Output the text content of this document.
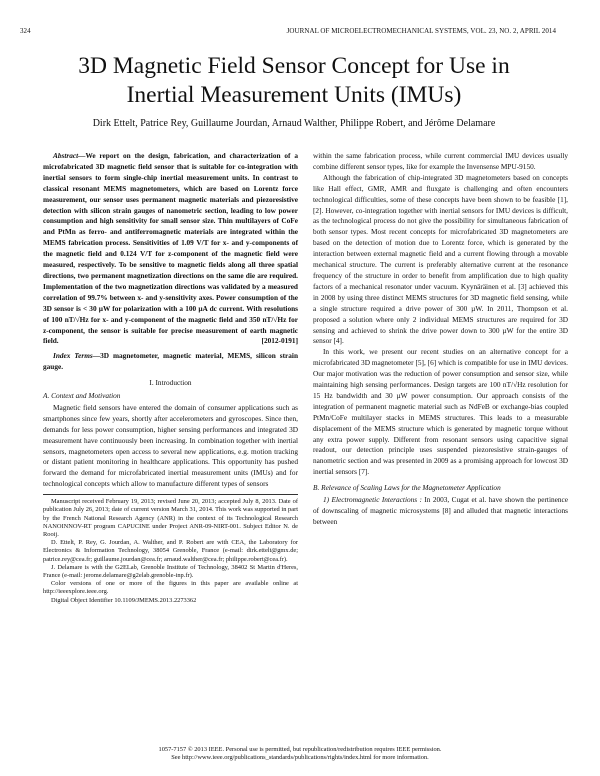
324	JOURNAL OF MICROELECTROMECHANICAL SYSTEMS, VOL. 23, NO. 2, APRIL 2014
3D Magnetic Field Sensor Concept for Use in
Inertial Measurement Units (IMUs)
Dirk Ettelt, Patrice Rey, Guillaume Jourdan, Arnaud Walther, Philippe Robert, and Jérôme Delamare

Abstract—We report on the design, fabrication, and characterization of a microfabricated 3D magnetic field sensor that is suitable for co-integration with inertial sensors to form single-chip inertial measurement units. In contrast to classical resonant MEMS magnetometers, which are based on Lorentz force measurement, our sensor uses permanent magnetic materials and piezoresistive detection with silicon strain gauges of nanometric section, leading to low power consumption and high sensitivity for small sensor size. Thin multilayers of CoFe and PtMn as ferro- and antiferromagnetic materials are integrated within the MEMS fabrication process. Sensitivities of 1.09 V/T for x- and y-components of the magnetic field and 0.124 V/T for z-component of the magnetic field were measured, respectively. To be sensitive to magnetic fields along all three spatial directions, two permanent magnetization directions on the same die are required. Implementation of the two magnetization directions was validated by a measured correlation of 99.7% between x- and y-sensitivity axes. Power consumption of the 3D sensor is < 30 µW for polarization with a 100 µA dc current. With resolutions of 100 nT/√Hz for x- and y-component of the magnetic field and 350 nT/√Hz for z-component, the sensor is suitable for precise measurement of earth magnetic field.	[2012-0191]

Index Terms—3D magnetometer, magnetic material, MEMS, silicon strain gauge.

I. Introduction

A. Context and Motivation

Magnetic field sensors have entered the domain of consumer applications such as smartphones since few years, shortly after accelerometers and gyroscopes. Since then, demands for less power consumption, higher sensing performances and integrated 3D measurement have continuously been increasing. In combination together with inertial sensors, magnetometers open access to several new applications, e.g. motion tracking or distant patient monitoring in healthcare applications. This opportunity has pushed forward the demand for microfabricated inertial measurement units (IMUs) and for technological concepts which allow to manufacture different types of sensors

Manuscript received February 19, 2013; revised June 20, 2013; accepted July 8, 2013. Date of publication July 26, 2013; date of current version March 31, 2014. This work was supported in part by the French National Research Agency (ANR) in the context of its Technological Research NANOINNOV-RT program CAPUCINE under Project ANR-09-NIRT-001. Subject Editor N. de Rooij.

D. Ettelt, P. Rey, G. Jourdan, A. Walther, and P. Robert are with CEA, the Laboratory for Electronics & Information Technology, 38054 Grenoble, France (e-mail: dirk.ettelt@gmx.de; patrice.rey@cea.fr; guillaume.jourdan@cea.fr; arnaud.walther@cea.fr; philippe.robert@cea.fr).

J. Delamare is with the G2ELab, Grenoble Institute of Technology, 38402 St Martin d'Heres, France (e-mail: jerome.delamare@g2elab.grenoble-inp.fr).

Color versions of one or more of the figures in this paper are available online at http://ieeexplore.ieee.org.

Digital Object Identifier 10.1109/JMEMS.2013.2273362

within the same fabrication process, while current commercial IMU devices usually combine different sensor types, like for example the Invensense MPU-9150.

Although the fabrication of chip-integrated 3D magnetometers based on concepts like Hall effect, GMR, AMR and fluxgate is challenging and often encounters technological difficulties, some of these concepts have been shown to be feasible [1], [2]. However, co-integration together with inertial sensors for IMU devices is difficult, as the technological process do not give the possibility for simultaneous fabrication of both sensor types. Most recent concepts for microfabricated 3D magnetometers are based on the detection of motion due to Lorentz force, which is generated by the interaction between external magnetic field and a current flowing through a movable mechanical structure. The current is preferably alternative current at the resonance frequency of the structure in order to benefit from amplification due to high quality factors of a mechanical resonator under vacuum. Kyynäräinen et al. [3] achieved this in 2008 by using three distinct MEMS structures for 3D magnetic field sensing, while a single structure required a drive power of 300 µW. In 2011, Thompson et al. proposed a solution where only 2 individual MEMS structures are required for 3D sensing and achieved to shrink the drive power down to 300 µW for the entire 3D sensor [4].

In this work, we present our recent studies on an alternative concept for a microfabricated 3D magnetometer [5], [6] which is compatible for use in IMU devices. Our major motivation was the reduction of power consumption and sensor size, while maintaining high sensing performances. Design targets are 100 nT/√Hz resolution for 15 Hz bandwidth and 30 µW power consumption. Our approach consists of the integration of permanent magnetic material such as NdFeB or exchange-bias coupled PtMn/CoFe multilayer stacks in MEMS structures. This leads to a measurable displacement of the MEMS structure which is generated by magnetic torque without any extra power supply. Different from resonant sensors using capacitive signal readout, our detection principle uses suspended piezoresistive strain-gauges of nanometric section and was presented in 2009 as a promising approach for lowcost 3D inertial sensors [7].

B. Relevance of Scaling Laws for the Magnetometer Application

1) Electromagnetic Interactions : In 2003, Cugat et al. have shown the pertinence of downscaling of magnetic microsystems [8] and alluded that magnetic interactions between

1057-7157 © 2013 IEEE. Personal use is permitted, but republication/redistribution requires IEEE permission.
See http://www.ieee.org/publications_standards/publications/rights/index.html for more information.
